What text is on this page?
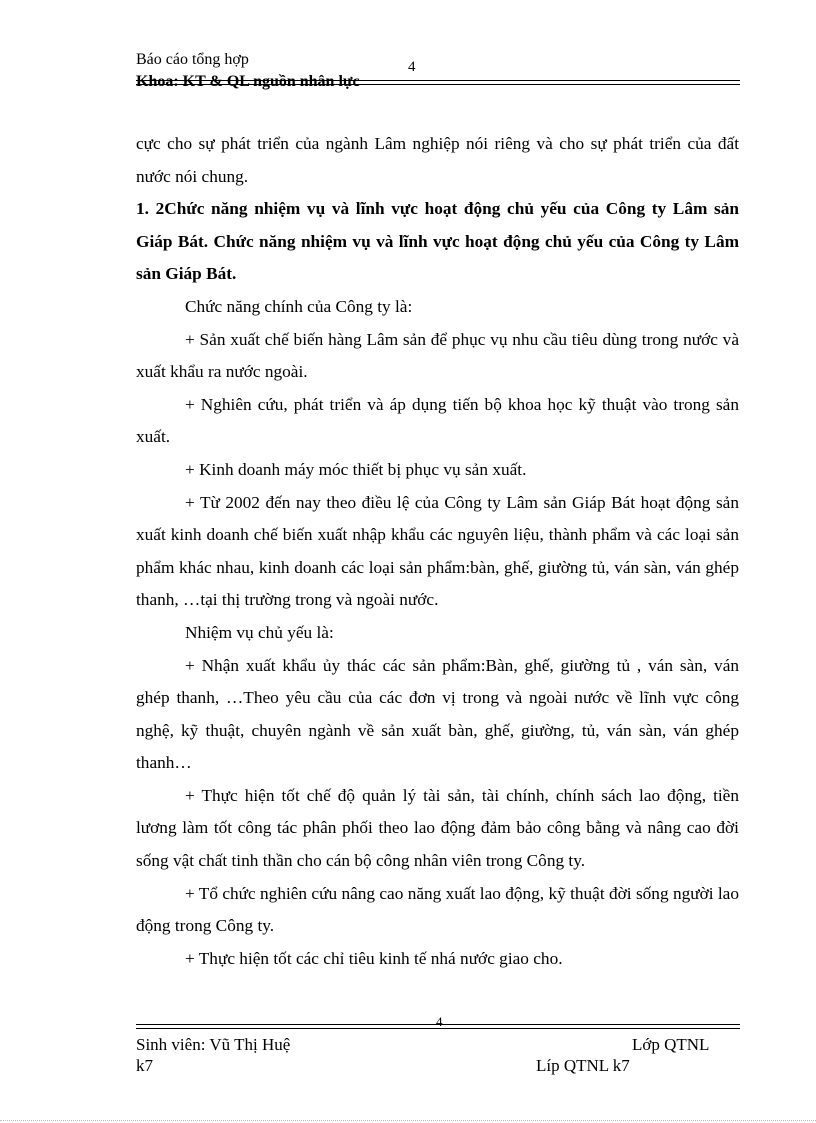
Báo cáo tổng hợp	4
Khoa: KT & QL nguồn nhân lực

cực cho sự phát triển của ngành Lâm nghiệp nói riêng và cho sự phát triển của đất nước nói chung.

1. 2Chức năng nhiệm vụ và lĩnh vực hoạt động chủ yếu của Công ty Lâm sản Giáp Bát. Chức năng nhiệm vụ và lĩnh vực hoạt động chủ yếu của Công ty Lâm sản Giáp Bát.

Chức năng chính của Công ty là:

+ Sản xuất chế biến hàng Lâm sản để phục vụ nhu cầu tiêu dùng trong nước và xuất khẩu ra nước ngoài.

+ Nghiên cứu, phát triển và áp dụng tiến bộ khoa học kỹ thuật vào trong sản xuất.

+ Kinh doanh máy móc thiết bị phục vụ sản xuất.

+ Từ 2002 đến nay theo điều lệ của Công ty Lâm sản Giáp Bát hoạt động sản xuất kinh doanh chế biến xuất nhập khẩu các nguyên liệu, thành phẩm và các loại sản phẩm khác nhau, kinh doanh các loại sản phẩm:bàn, ghế, giường tủ, ván sàn, ván ghép thanh, …tại thị trường trong và ngoài nước.

Nhiệm vụ chủ yếu là:

+ Nhận xuất khẩu ủy thác các sản phẩm:Bàn, ghế, giường tủ , ván sàn, ván ghép thanh, …Theo yêu cầu của các đơn vị trong và ngoài nước về lĩnh vực công nghệ, kỹ thuật, chuyên ngành về sản xuất bàn, ghế, giường, tủ, ván sàn, ván ghép thanh…

+ Thực hiện tốt chế độ quản lý tài sản, tài chính, chính sách lao động, tiền lương làm tốt công tác phân phối theo lao động đảm bảo công bằng và nâng cao đời sống vật chất tinh thần cho cán bộ công nhân viên trong Công ty.

+ Tổ chức nghiên cứu nâng cao năng xuất lao động, kỹ thuật đời sống người lao động trong Công ty.

+ Thực hiện tốt các chỉ tiêu kinh tế nhá nước giao cho.

4
Sinh viên: Vũ Thị Huệ	Lớp QTNL
k7	Líp QTNL k7
